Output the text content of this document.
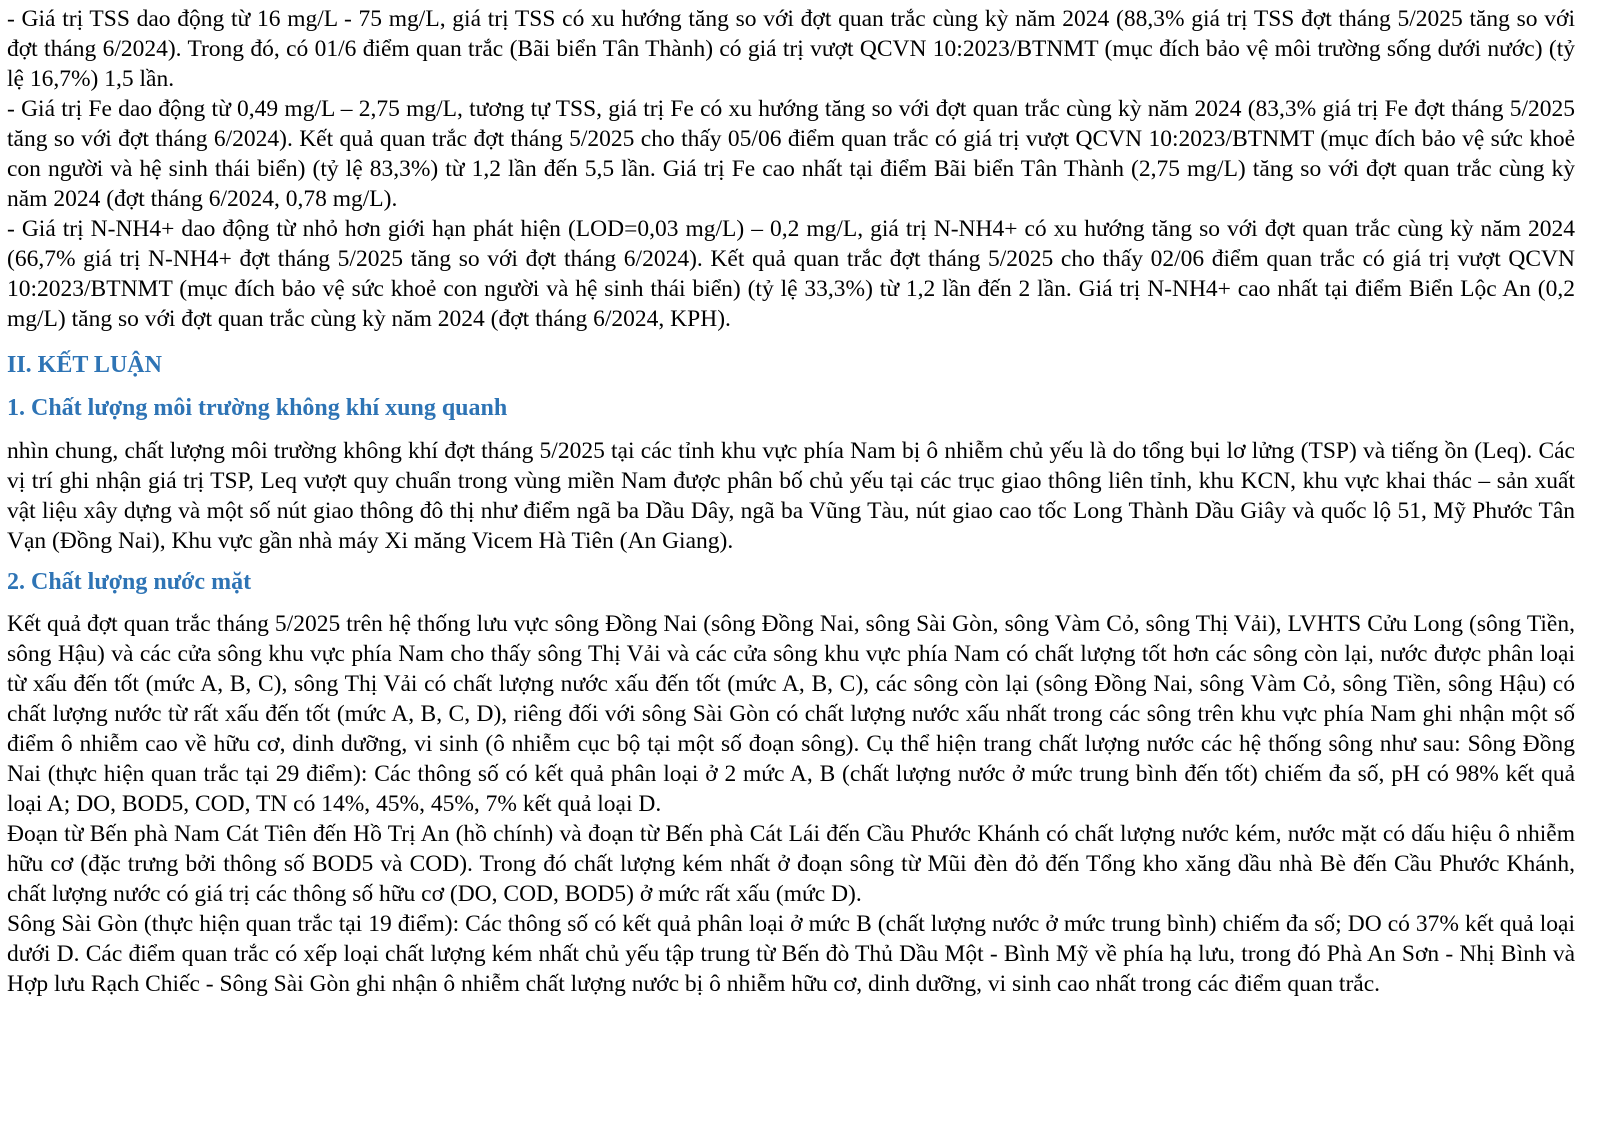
- Giá trị TSS dao động từ 16 mg/L - 75 mg/L, giá trị TSS có xu hướng tăng so với đợt quan trắc cùng kỳ năm 2024 (88,3% giá trị TSS đợt tháng 5/2025 tăng so với đợt tháng 6/2024). Trong đó, có 01/6 điểm quan trắc (Bãi biển Tân Thành) có giá trị vượt QCVN 10:2023/BTNMT (mục đích bảo vệ môi trường sống dưới nước) (tỷ lệ 16,7%) 1,5 lần.

- Giá trị Fe dao động từ 0,49 mg/L – 2,75 mg/L, tương tự TSS, giá trị Fe có xu hướng tăng so với đợt quan trắc cùng kỳ năm 2024 (83,3% giá trị Fe đợt tháng 5/2025 tăng so với đợt tháng 6/2024). Kết quả quan trắc đợt tháng 5/2025 cho thấy 05/06 điểm quan trắc có giá trị vượt QCVN 10:2023/BTNMT (mục đích bảo vệ sức khoẻ con người và hệ sinh thái biển) (tỷ lệ 83,3%) từ 1,2 lần đến 5,5 lần. Giá trị Fe cao nhất tại điểm Bãi biển Tân Thành (2,75 mg/L) tăng so với đợt quan trắc cùng kỳ năm 2024 (đợt tháng 6/2024, 0,78 mg/L).

- Giá trị N-NH4+ dao động từ nhỏ hơn giới hạn phát hiện (LOD=0,03 mg/L) – 0,2 mg/L, giá trị N-NH4+ có xu hướng tăng so với đợt quan trắc cùng kỳ năm 2024 (66,7% giá trị N-NH4+ đợt tháng 5/2025 tăng so với đợt tháng 6/2024). Kết quả quan trắc đợt tháng 5/2025 cho thấy 02/06 điểm quan trắc có giá trị vượt QCVN 10:2023/BTNMT (mục đích bảo vệ sức khoẻ con người và hệ sinh thái biển) (tỷ lệ 33,3%) từ 1,2 lần đến 2 lần. Giá trị N-NH4+ cao nhất tại điểm Biển Lộc An (0,2 mg/L) tăng so với đợt quan trắc cùng kỳ năm 2024 (đợt tháng 6/2024, KPH).

II. KẾT LUẬN
1. Chất lượng môi trường không khí xung quanh

nhìn chung, chất lượng môi trường không khí đợt tháng 5/2025 tại các tỉnh khu vực phía Nam bị ô nhiễm chủ yếu là do tổng bụi lơ lửng (TSP) và tiếng ồn (Leq). Các vị trí ghi nhận giá trị TSP, Leq vượt quy chuẩn trong vùng miền Nam được phân bố chủ yếu tại các trục giao thông liên tỉnh, khu KCN, khu vực khai thác – sản xuất vật liệu xây dựng và một số nút giao thông đô thị như điểm ngã ba Dầu Dây, ngã ba Vũng Tàu, nút giao cao tốc Long Thành Dầu Giây và quốc lộ 51, Mỹ Phước Tân Vạn (Đồng Nai), Khu vực gần nhà máy Xi măng Vicem Hà Tiên (An Giang).

2. Chất lượng nước mặt

Kết quả đợt quan trắc tháng 5/2025 trên hệ thống lưu vực sông Đồng Nai (sông Đồng Nai, sông Sài Gòn, sông Vàm Cỏ, sông Thị Vải), LVHTS Cửu Long (sông Tiền, sông Hậu) và các cửa sông khu vực phía Nam cho thấy sông Thị Vải và các cửa sông khu vực phía Nam có chất lượng tốt hơn các sông còn lại, nước được phân loại từ xấu đến tốt (mức A, B, C), sông Thị Vải có chất lượng nước xấu đến tốt (mức A, B, C), các sông còn lại (sông Đồng Nai, sông Vàm Cỏ, sông Tiền, sông Hậu) có chất lượng nước từ rất xấu đến tốt (mức A, B, C, D), riêng đối với sông Sài Gòn có chất lượng nước xấu nhất trong các sông trên khu vực phía Nam ghi nhận một số điểm ô nhiễm cao về hữu cơ, dinh dưỡng, vi sinh (ô nhiễm cục bộ tại một số đoạn sông). Cụ thể hiện trang chất lượng nước các hệ thống sông như sau: Sông Đồng Nai (thực hiện quan trắc tại 29 điểm): Các thông số có kết quả phân loại ở 2 mức A, B (chất lượng nước ở mức trung bình đến tốt) chiếm đa số, pH có 98% kết quả loại A; DO, BOD5, COD, TN có 14%, 45%, 45%, 7% kết quả loại D.

Đoạn từ Bến phà Nam Cát Tiên đến Hồ Trị An (hồ chính) và đoạn từ Bến phà Cát Lái đến Cầu Phước Khánh có chất lượng nước kém, nước mặt có dấu hiệu ô nhiễm hữu cơ (đặc trưng bởi thông số BOD5 và COD). Trong đó chất lượng kém nhất ở đoạn sông từ Mũi đèn đỏ đến Tổng kho xăng dầu nhà Bè đến Cầu Phước Khánh, chất lượng nước có giá trị các thông số hữu cơ (DO, COD, BOD5) ở mức rất xấu (mức D).

Sông Sài Gòn (thực hiện quan trắc tại 19 điểm): Các thông số có kết quả phân loại ở mức B (chất lượng nước ở mức trung bình) chiếm đa số; DO có 37% kết quả loại dưới D. Các điểm quan trắc có xếp loại chất lượng kém nhất chủ yếu tập trung từ Bến đò Thủ Dầu Một - Bình Mỹ về phía hạ lưu, trong đó Phà An Sơn - Nhị Bình và Hợp lưu Rạch Chiếc - Sông Sài Gòn ghi nhận ô nhiễm chất lượng nước bị ô nhiễm hữu cơ, dinh dưỡng, vi sinh cao nhất trong các điểm quan trắc.
